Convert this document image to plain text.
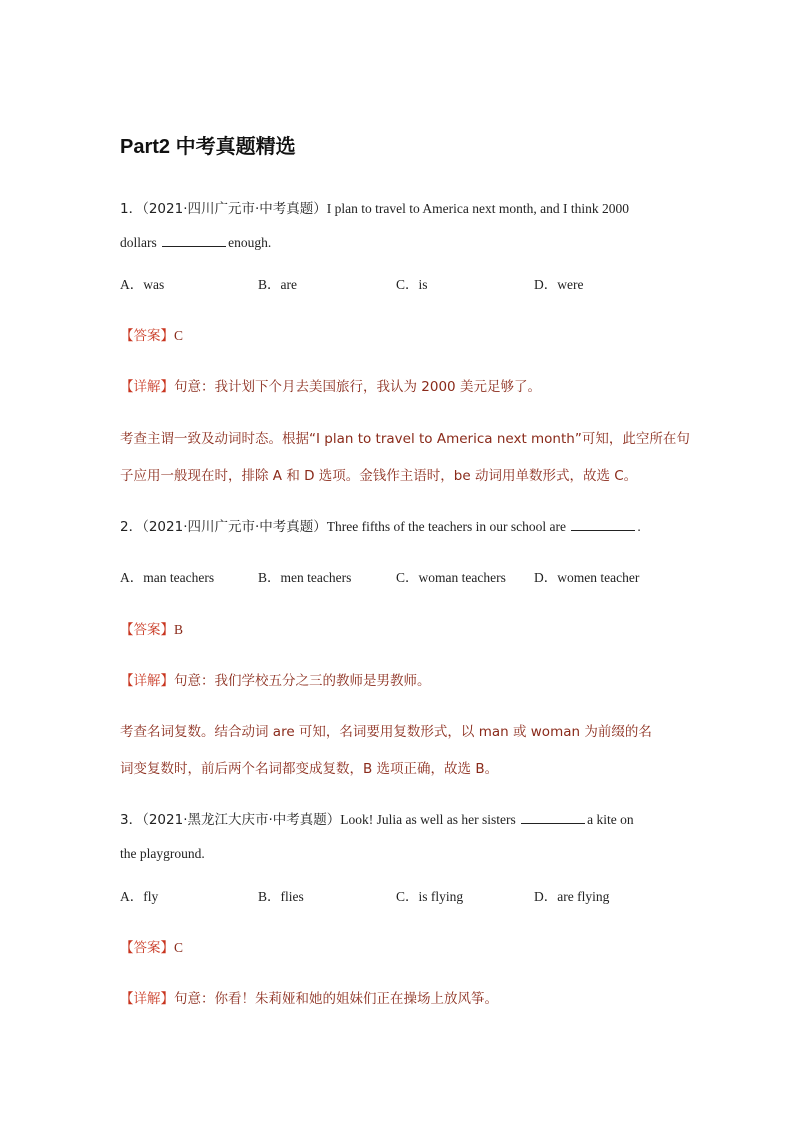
Part2 中考真题精选
1．（2021·四川广元市·中考真题）I plan to travel to America next month, and I think 2000
dollars	enough.
A．was	B．are	C．is	D．were
【答案】C
【详解】句意：我计划下个月去美国旅行，我认为 2000 美元足够了。
考查主谓一致及动词时态。根据“I plan to travel to America next month”可知，此空所在句
子应用一般现在时，排除 A 和 D 选项。金钱作主语时，be 动词用单数形式，故选 C。
2．（2021·四川广元市·中考真题）Three fifths of the teachers in our school are	.
A．man teachers	B．men teachers	C．woman teachers D．women teacher
【答案】B
【详解】句意：我们学校五分之三的教师是男教师。
考查名词复数。结合动词 are 可知，名词要用复数形式，以 man 或 woman 为前缀的名
词变复数时，前后两个名词都变成复数，B 选项正确，故选 B。
3．（2021·黑龙江大庆市·中考真题）Look! Julia as well as her sisters	a kite on
the playground.
A．fly	B．flies	C．is flying	D．are flying
【答案】C
【详解】句意：你看！朱莉娅和她的姐妹们正在操场上放风筝。
